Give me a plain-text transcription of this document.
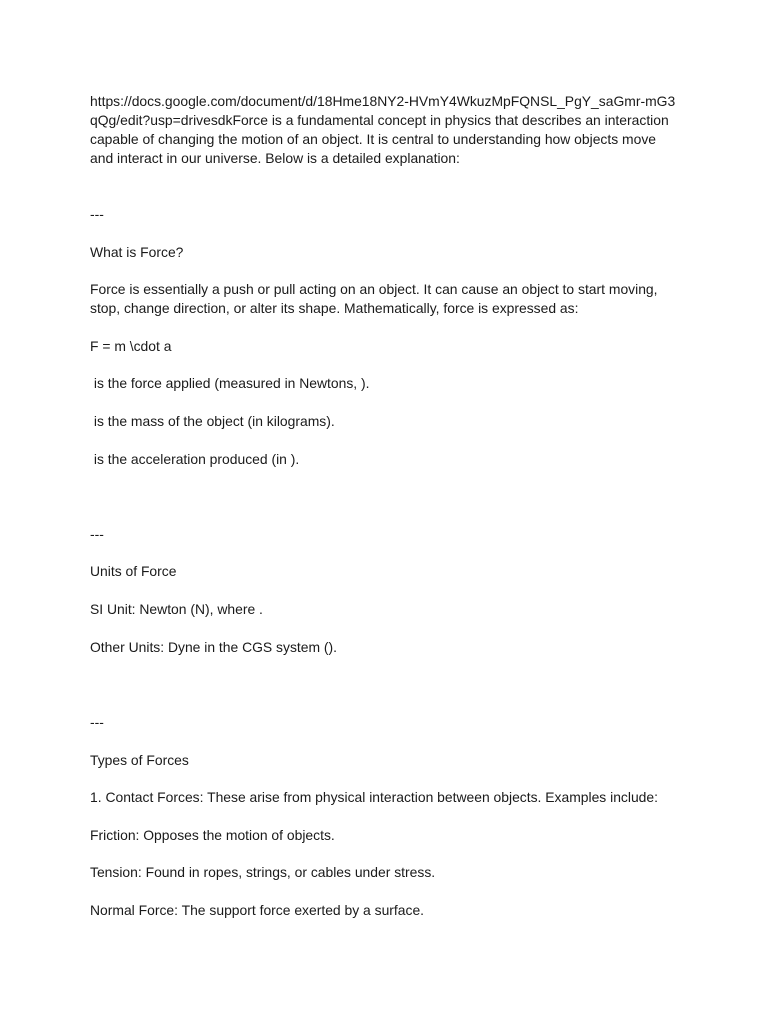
https://docs.google.com/document/d/18Hme18NY2-HVmY4WkuzMpFQNSL_PgY_saGmr-mG3

qQg/edit?usp=drivesdkForce is a fundamental concept in physics that describes an interaction

capable of changing the motion of an object. It is central to understanding how objects move

and interact in our universe. Below is a detailed explanation:

---

What is Force?

Force is essentially a push or pull acting on an object. It can cause an object to start moving,

stop, change direction, or alter its shape. Mathematically, force is expressed as:

F = m \cdot a

is the force applied (measured in Newtons, ).

is the mass of the object (in kilograms).

is the acceleration produced (in ).

---

Units of Force

SI Unit: Newton (N), where .

Other Units: Dyne in the CGS system ().

---

Types of Forces

1. Contact Forces: These arise from physical interaction between objects. Examples include:

Friction: Opposes the motion of objects.

Tension: Found in ropes, strings, or cables under stress.

Normal Force: The support force exerted by a surface.
